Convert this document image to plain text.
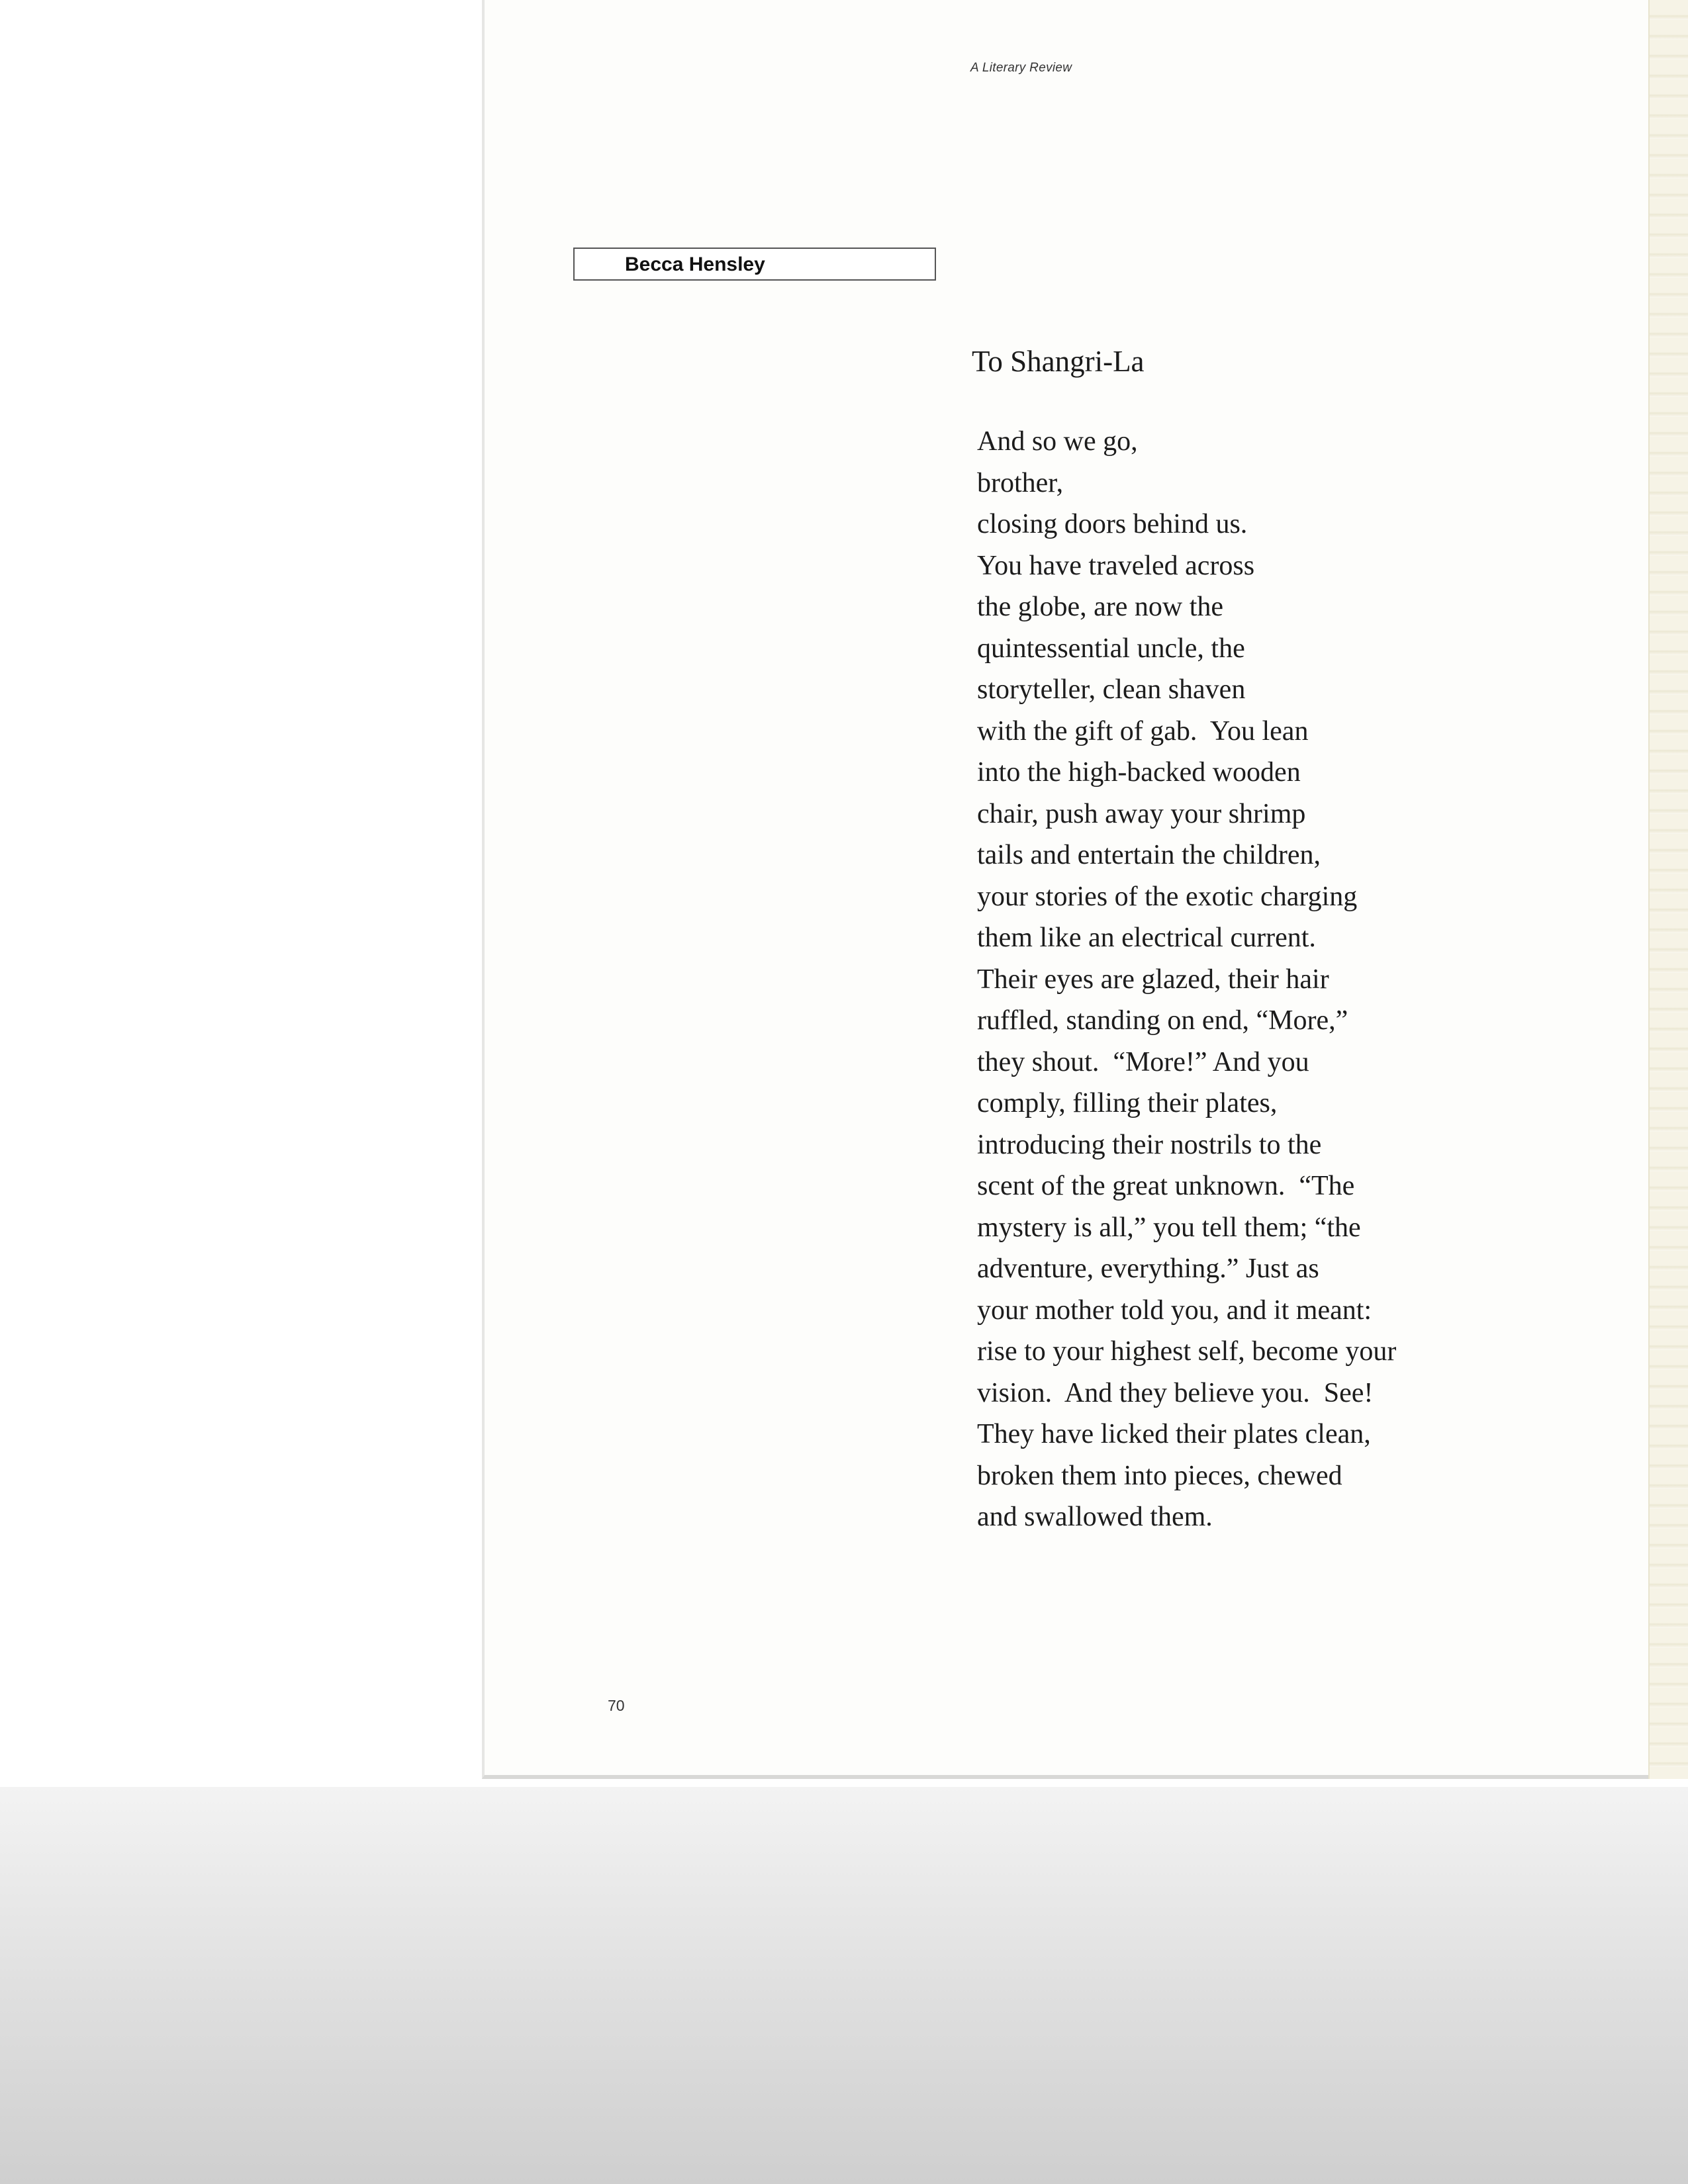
A Literary Review
Becca Hensley
To Shangri-La
And so we go,
brother,
closing doors behind us.
You have traveled across
the globe, are now the
quintessential uncle, the
storyteller, clean shaven
with the gift of gab.  You lean
into the high-backed wooden
chair, push away your shrimp
tails and entertain the children,
your stories of the exotic charging
them like an electrical current.
Their eyes are glazed, their hair
ruffled, standing on end, “More,”
they shout.  “More!” And you
comply, filling their plates,
introducing their nostrils to the
scent of the great unknown.  “The
mystery is all,” you tell them; “the
adventure, everything.” Just as
your mother told you, and it meant:
rise to your highest self, become your
vision.  And they believe you.  See!
They have licked their plates clean,
broken them into pieces, chewed
and swallowed them.
70
